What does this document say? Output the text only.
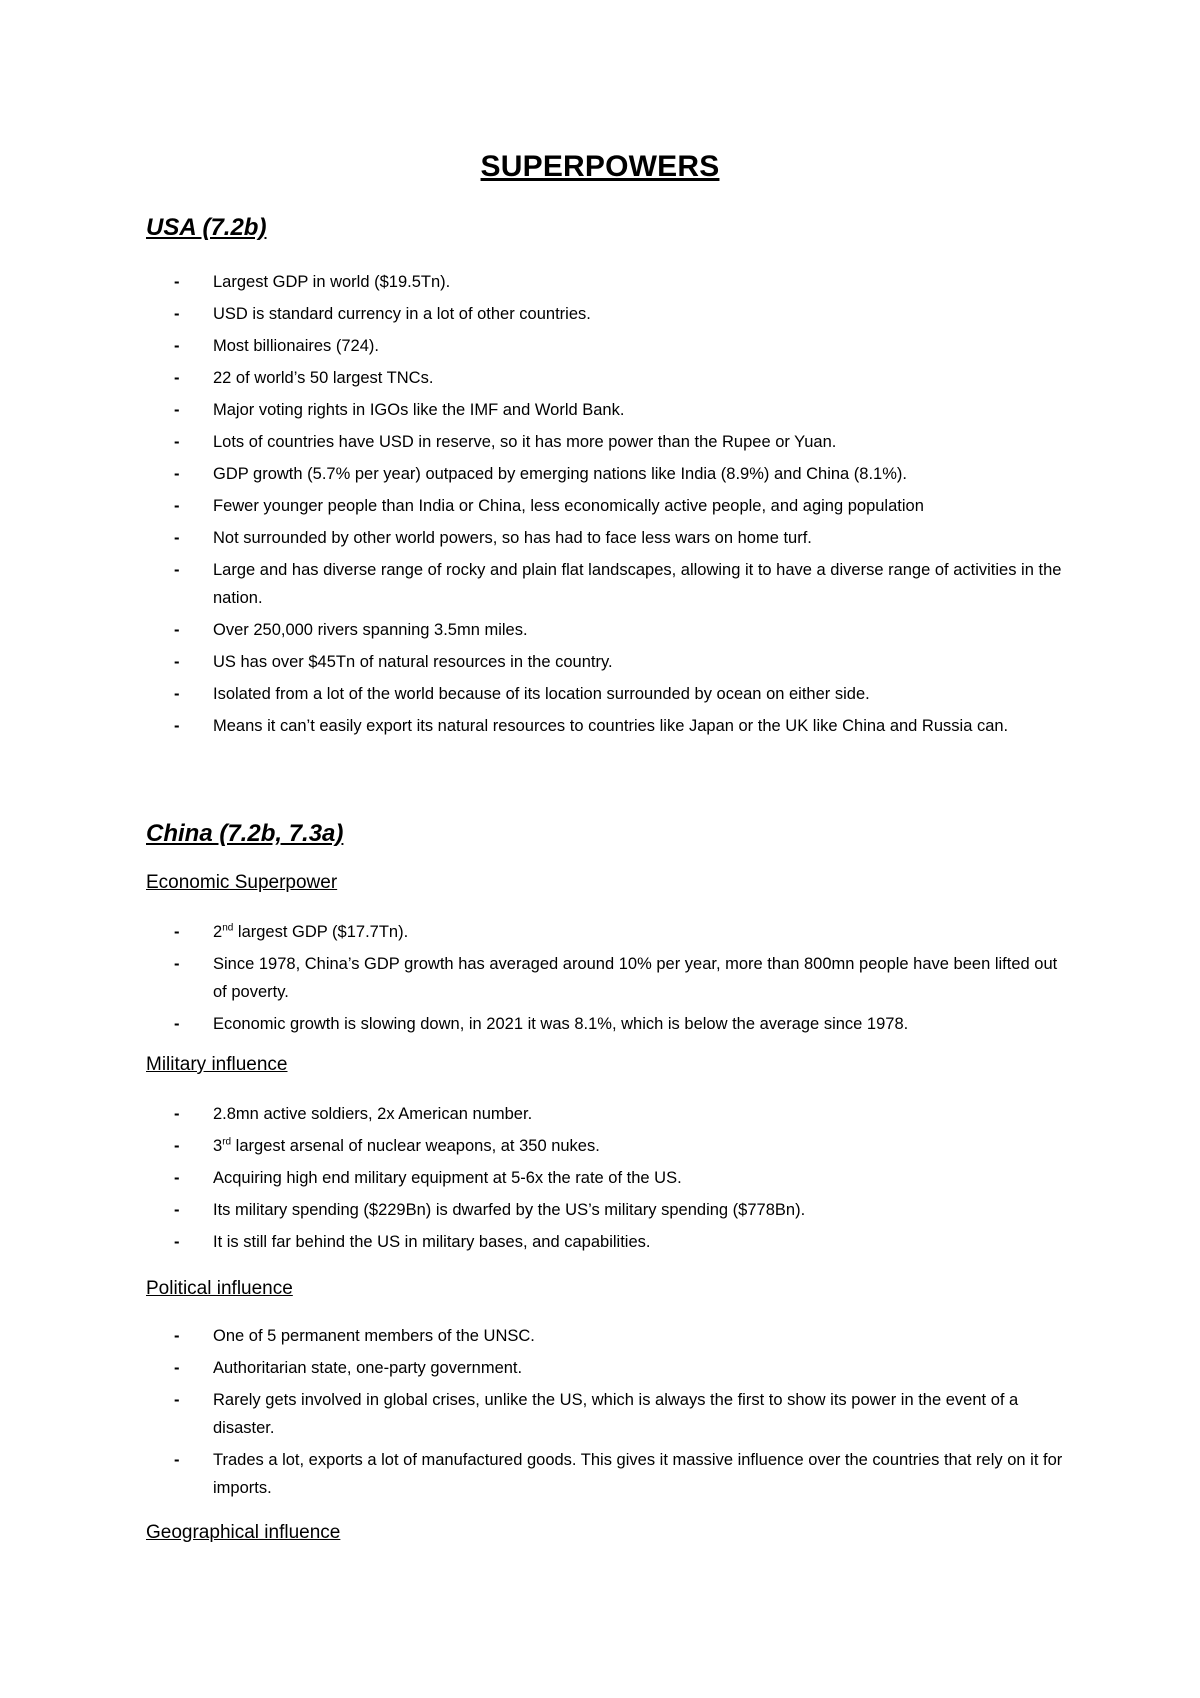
SUPERPOWERS
USA (7.2b)
- Largest GDP in world ($19.5Tn).
- USD is standard currency in a lot of other countries.
- Most billionaires (724).
- 22 of world’s 50 largest TNCs.
- Major voting rights in IGOs like the IMF and World Bank.
- Lots of countries have USD in reserve, so it has more power than the Rupee or Yuan.
- GDP growth (5.7% per year) outpaced by emerging nations like India (8.9%) and China (8.1%).
- Fewer younger people than India or China, less economically active people, and aging population
- Not surrounded by other world powers, so has had to face less wars on home turf.
- Large and has diverse range of rocky and plain flat landscapes, allowing it to have a diverse range of activities in the nation.
- Over 250,000 rivers spanning 3.5mn miles.
- US has over $45Tn of natural resources in the country.
- Isolated from a lot of the world because of its location surrounded by ocean on either side.
- Means it can’t easily export its natural resources to countries like Japan or the UK like China and Russia can.
China (7.2b, 7.3a)
Economic Superpower
- 2nd largest GDP ($17.7Tn).
- Since 1978, China’s GDP growth has averaged around 10% per year, more than 800mn people have been lifted out of poverty.
- Economic growth is slowing down, in 2021 it was 8.1%, which is below the average since 1978.
Military influence
- 2.8mn active soldiers, 2x American number.
- 3rd largest arsenal of nuclear weapons, at 350 nukes.
- Acquiring high end military equipment at 5-6x the rate of the US.
- Its military spending ($229Bn) is dwarfed by the US’s military spending ($778Bn).
- It is still far behind the US in military bases, and capabilities.
Political influence
- One of 5 permanent members of the UNSC.
- Authoritarian state, one-party government.
- Rarely gets involved in global crises, unlike the US, which is always the first to show its power in the event of a disaster.
- Trades a lot, exports a lot of manufactured goods. This gives it massive influence over the countries that rely on it for imports.
Geographical influence
